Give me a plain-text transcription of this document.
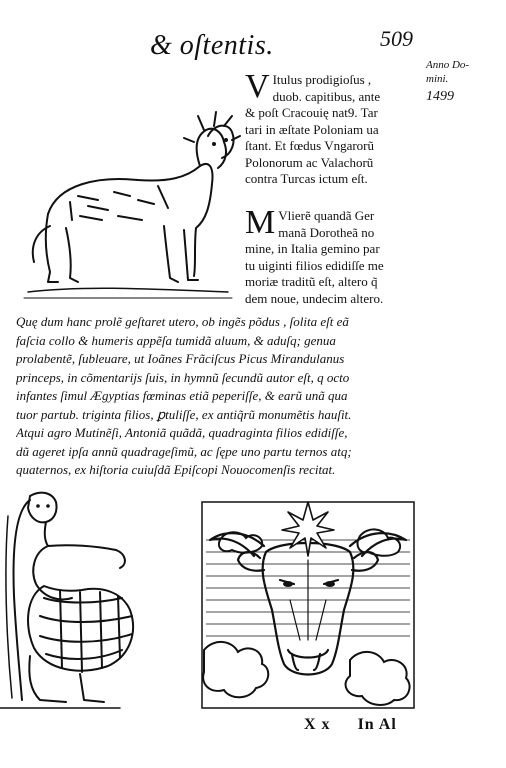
& oſtentis.	509
Anno Do-
mini.
1499
V Itulus prodigioſus ,
duob. capitibus, ante
& poſt Cracouię nat9. Tar
tari in æſtate Poloniam ua
ſtant. Et fœdus Vngarorũ
Polonorum ac Valachorũ
contra Turcas ictum eſt.
M Vlierẽ quandã Ger
manã Dorotheã no
mine, in Italia gemino par
tu uiginti filios edidiſſe me
moriæ traditũ eſt, altero q̃
dem noue, undecim altero.
Quę dum hanc prolẽ geſtaret utero, ob ingẽs põdus , ſolita eſt eã
faſcia collo & humeris appẽſa tumidã aluum, & aduſq; genua
prolabentẽ, ſubleuare, ut Ioãnes Frãciſcus Picus Mirandulanus
princeps, in cõmentarijs ſuis, in hymnũ ſecundũ autor eſt, q octo
infantes ſimul Ægyptias fœminas etiã peperiſſe, & earũ unã qua
tuor partub. triginta filios, ꝑtuliſſe, ex antiq̃rũ monumẽtis hauſit.
Atqui agro Mutinẽſi, Antoniã quãdã, quadraginta filios edidiſſe,
dũ ageret ipſa annũ quadrageſimũ, ac ſępe uno partu ternos atq;
quaternos, ex hiſtoria cuiuſdã Epiſcopi Nouocomenſis recitat.
X x In Al
